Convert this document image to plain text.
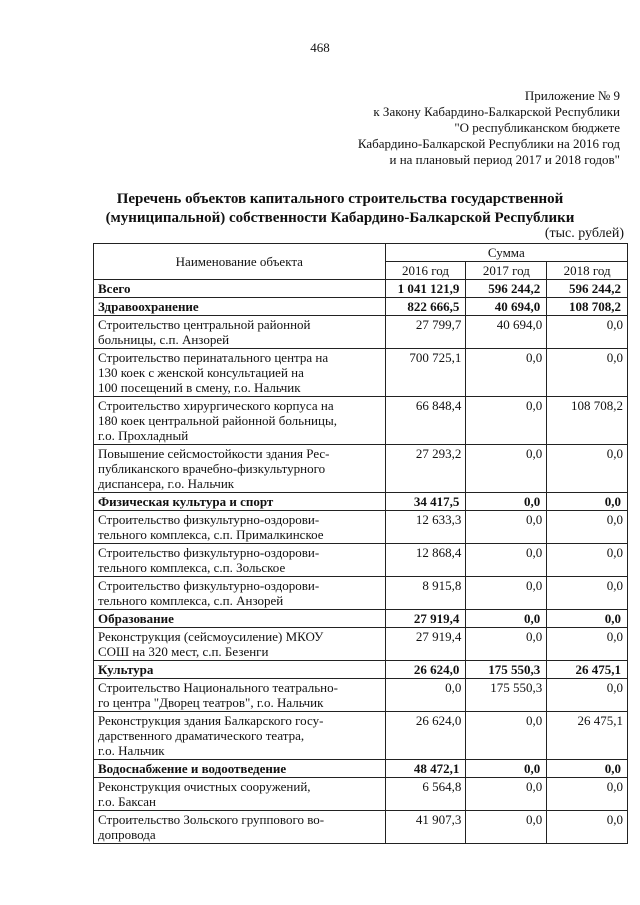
468
Приложение № 9
к Закону Кабардино-Балкарской Республики
"О республиканском бюджете
Кабардино-Балкарской Республики на 2016 год
и на плановый период 2017 и 2018 годов"
Перечень объектов капитального строительства государственной
(муниципальной) собственности Кабардино-Балкарской Республики
(тыс. рублей)
Наименование объекта	Сумма		
	2016 год	2017 год	2018 год
Всего	1 041 121,9	596 244,2	596 244,2
Здравоохранение	822 666,5	40 694,0	108 708,2

Строительство центральной районной
больницы, с.п. Анзорей	27 799,7	40 694,0	0,0

Строительство перинатального центра на
130 коек с женской консультацией на
100 посещений в смену, г.о. Нальчик	700 725,1	0,0	0,0

Строительство хирургического корпуса на
180 коек центральной районной больницы,
г.о. Прохладный	66 848,4	0,0	108 708,2

Повышение сейсмостойкости здания Рес-
публиканского врачебно-физкультурного
диспансера, г.о. Нальчик	27 293,2	0,0	0,0
Физическая культура и спорт	34 417,5	0,0	0,0

Строительство физкультурно-оздорови-
тельного комплекса, с.п. Прималкинское	12 633,3	0,0	0,0

Строительство физкультурно-оздорови-
тельного комплекса, с.п. Зольское	12 868,4	0,0	0,0

Строительство физкультурно-оздорови-
тельного комплекса, с.п. Анзорей	8 915,8	0,0	0,0
Образование	27 919,4	0,0	0,0

Реконструкция (сейсмоусиление) МКОУ
СОШ на 320 мест, с.п. Безенги	27 919,4	0,0	0,0
Культура	26 624,0	175 550,3	26 475,1

Строительство Национального театрально-
го центра "Дворец театров", г.о. Нальчик	0,0	175 550,3	0,0

Реконструкция здания Балкарского госу-
дарственного драматического театра,
г.о. Нальчик	26 624,0	0,0	26 475,1
Водоснабжение и водоотведение	48 472,1	0,0	0,0

Реконструкция очистных сооружений,
г.о. Баксан	6 564,8	0,0	0,0

Строительство Зольского группового во-
допровода	41 907,3	0,0	0,0
